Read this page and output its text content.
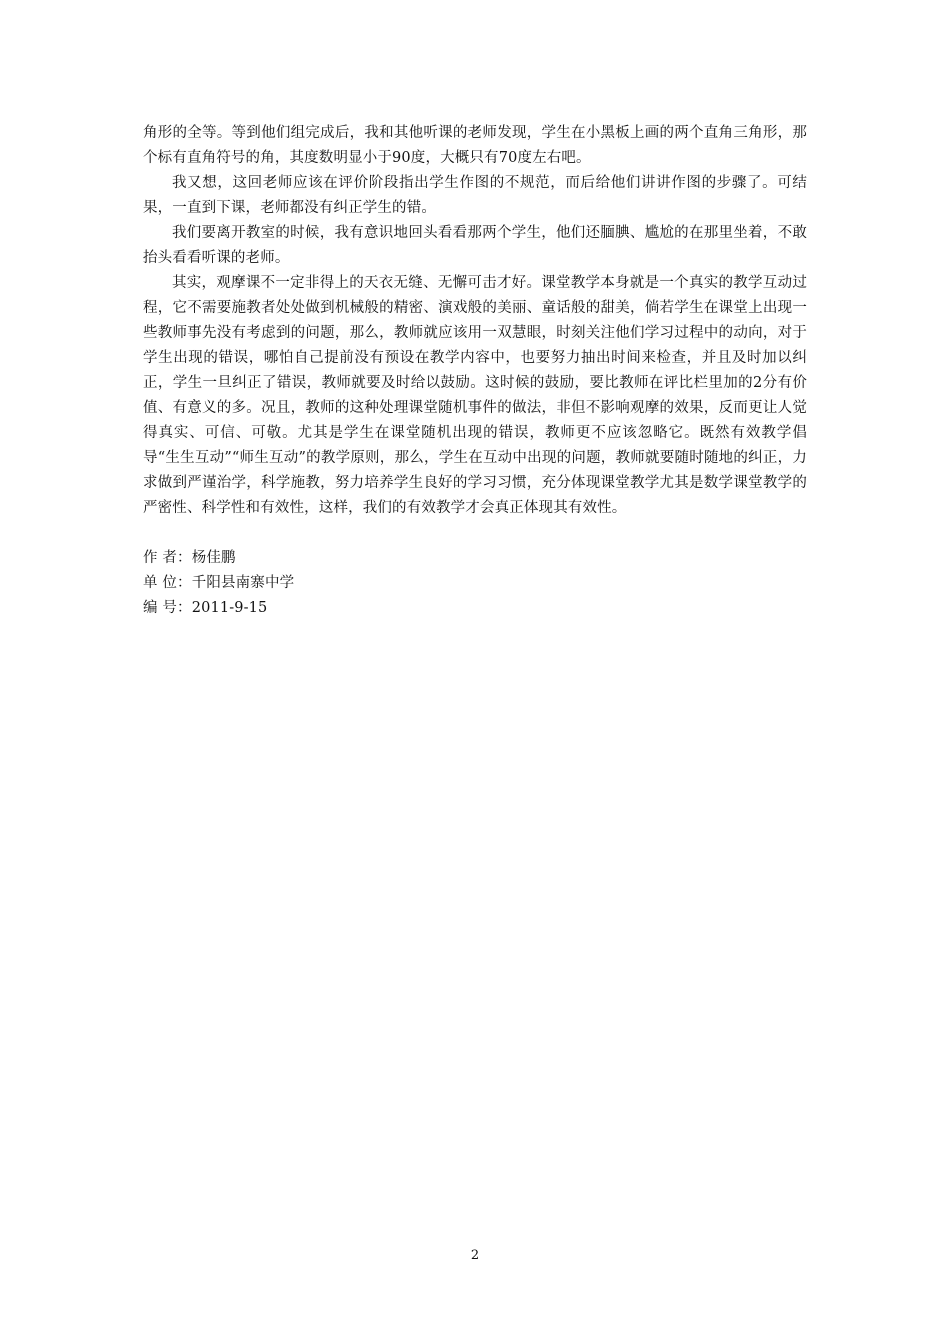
角形的全等。等到他们组完成后，我和其他听课的老师发现，学生在小黑板上画的两个直角三角形，那个标有直角符号的角，其度数明显小于90度，大概只有70度左右吧。

我又想，这回老师应该在评价阶段指出学生作图的不规范，而后给他们讲讲作图的步骤了。可结果，一直到下课，老师都没有纠正学生的错。

我们要离开教室的时候，我有意识地回头看看那两个学生，他们还腼腆、尴尬的在那里坐着，不敢抬头看看听课的老师。

其实，观摩课不一定非得上的天衣无缝、无懈可击才好。课堂教学本身就是一个真实的教学互动过程，它不需要施教者处处做到机械般的精密、演戏般的美丽、童话般的甜美，倘若学生在课堂上出现一些教师事先没有考虑到的问题，那么，教师就应该用一双慧眼，时刻关注他们学习过程中的动向，对于学生出现的错误，哪怕自己提前没有预设在教学内容中，也要努力抽出时间来检查，并且及时加以纠正，学生一旦纠正了错误，教师就要及时给以鼓励。这时候的鼓励，要比教师在评比栏里加的2分有价值、有意义的多。况且，教师的这种处理课堂随机事件的做法，非但不影响观摩的效果，反而更让人觉得真实、可信、可敬。尤其是学生在课堂随机出现的错误，教师更不应该忽略它。既然有效教学倡导“生生互动”“师生互动”的教学原则，那么，学生在互动中出现的问题，教师就要随时随地的纠正，力求做到严谨治学，科学施教，努力培养学生良好的学习习惯，充分体现课堂教学尤其是数学课堂教学的严密性、科学性和有效性，这样，我们的有效教学才会真正体现其有效性。

作 者：杨佳鹏

单 位：千阳县南寨中学

编 号：2011-9-15

2
